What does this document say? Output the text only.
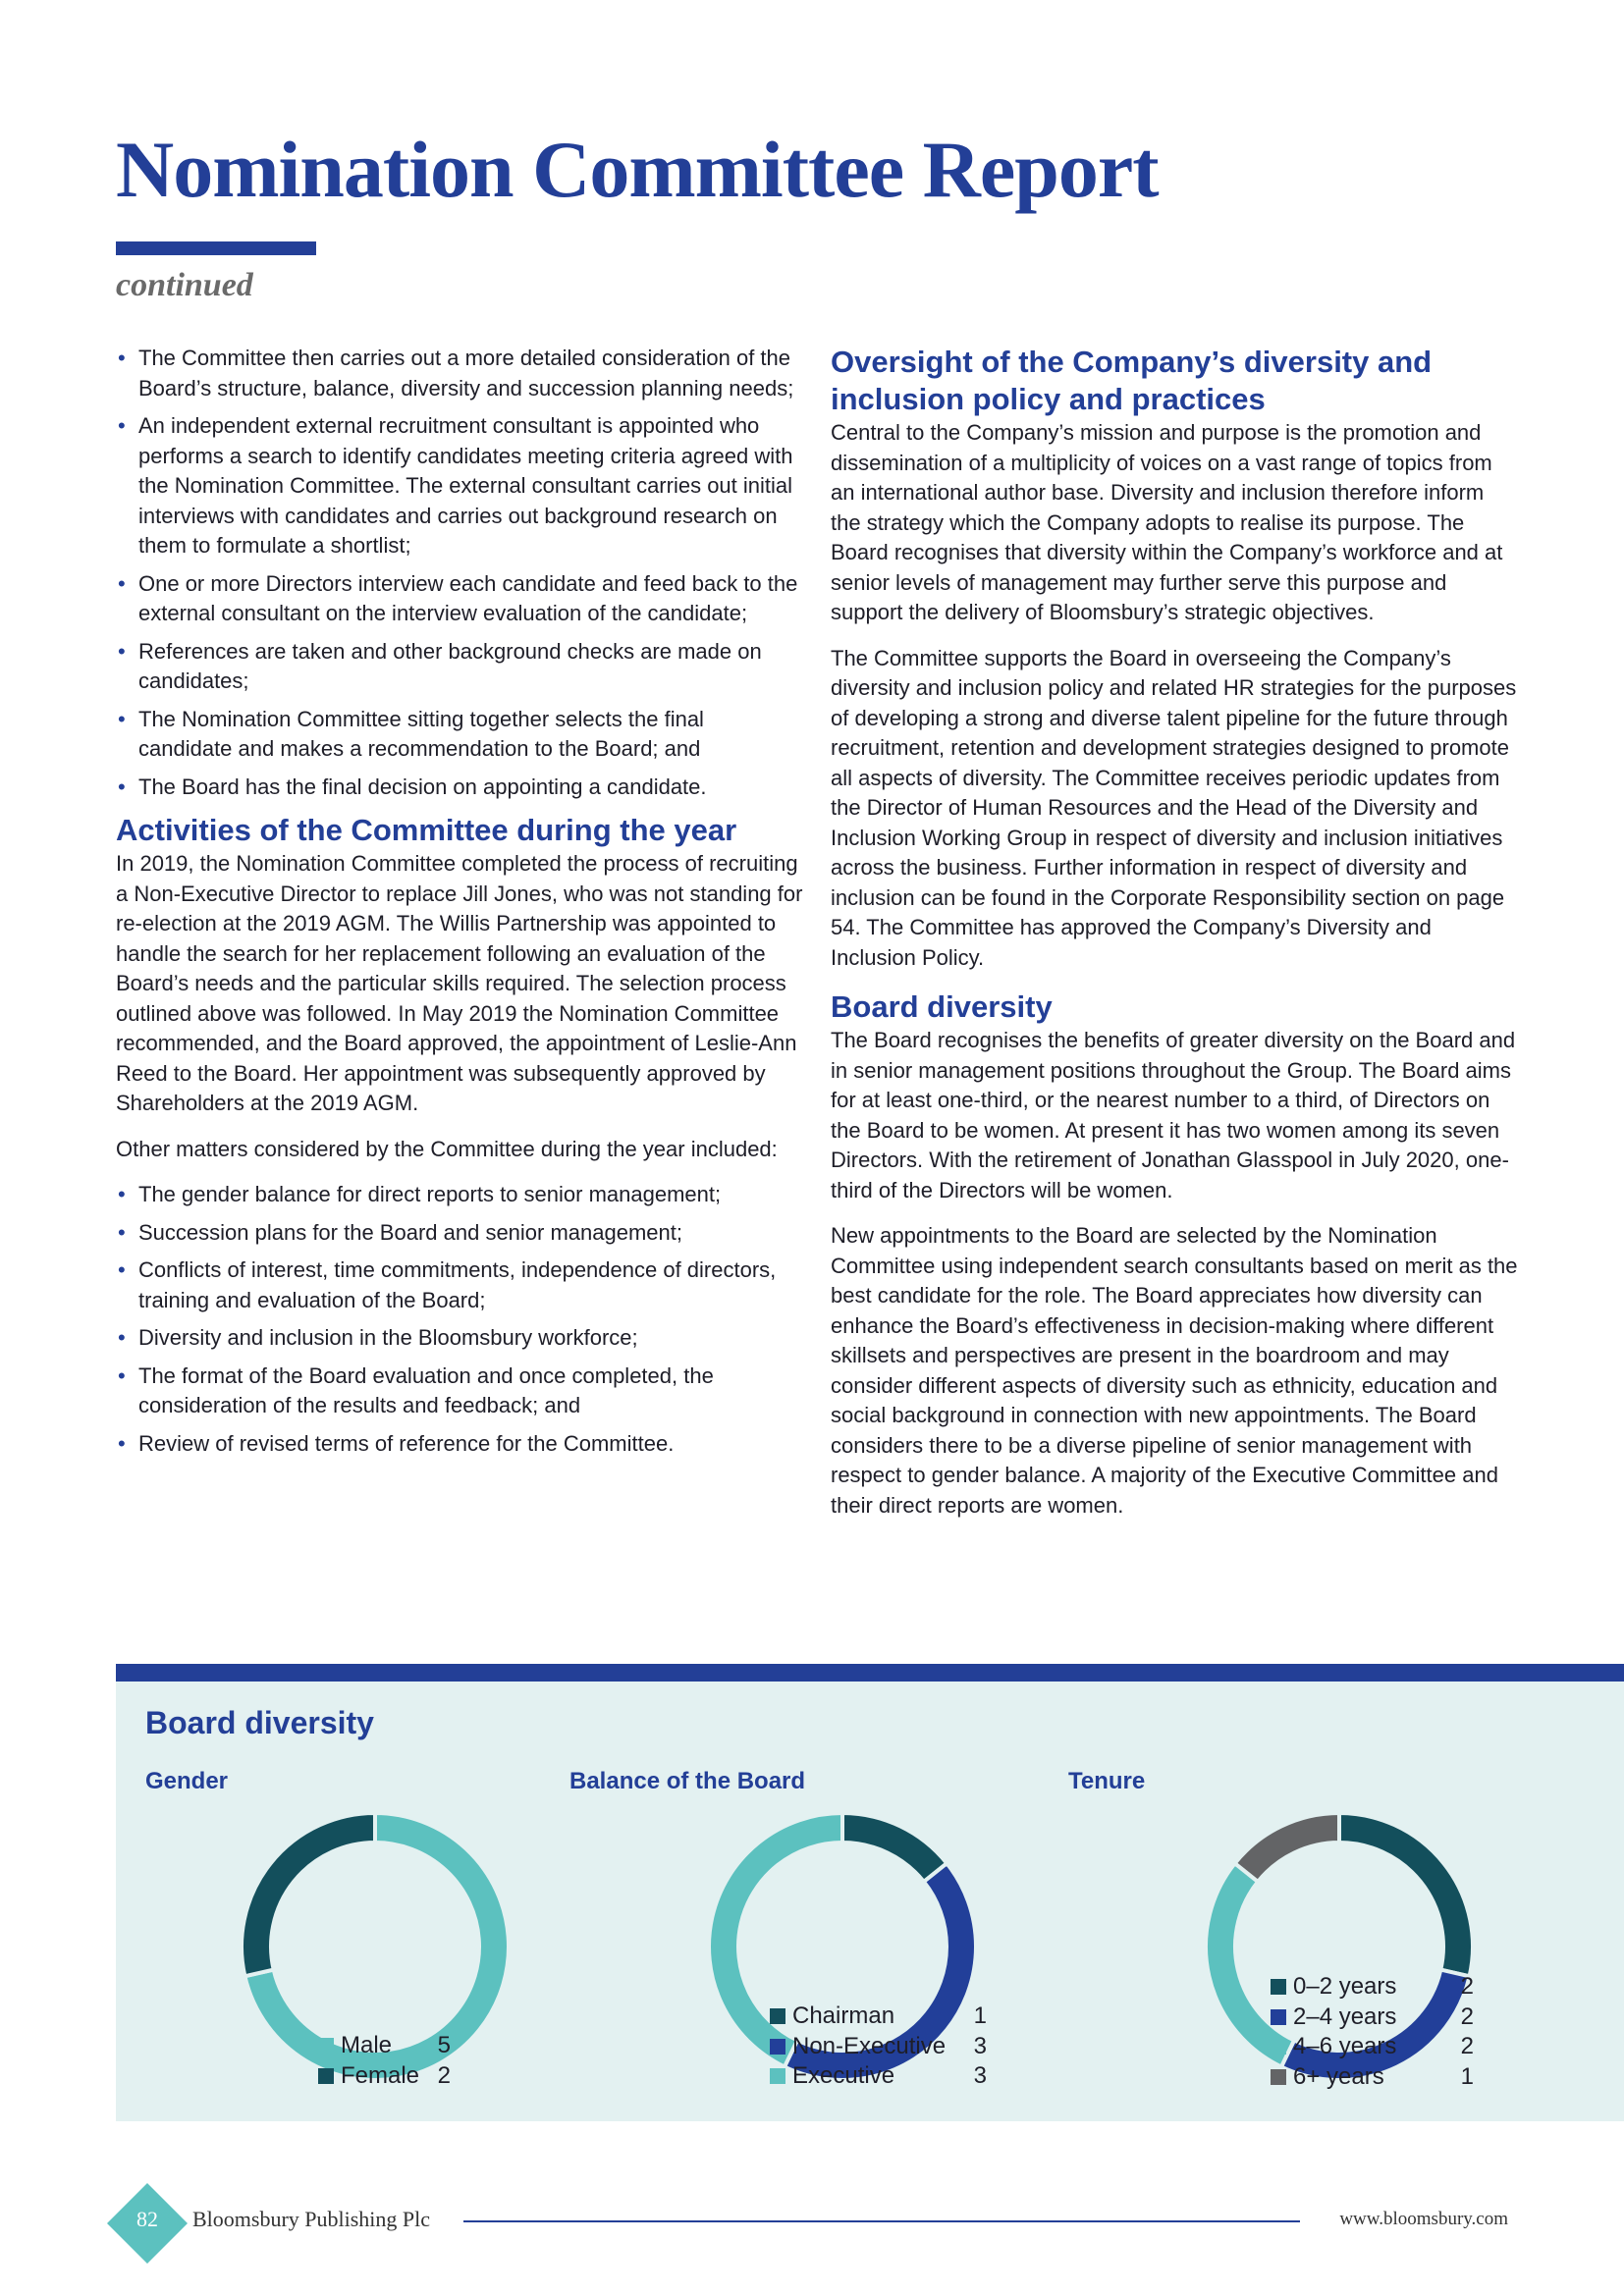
Nomination Committee Report

continued

• The Committee then carries out a more detailed consideration of the Board’s structure, balance, diversity and succession planning needs;
• An independent external recruitment consultant is appointed who performs a search to identify candidates meeting criteria agreed with the Nomination Committee. The external consultant carries out initial interviews with candidates and carries out background research on them to formulate a shortlist;
• One or more Directors interview each candidate and feed back to the external consultant on the interview evaluation of the candidate;
• References are taken and other background checks are made on candidates;
• The Nomination Committee sitting together selects the final candidate and makes a recommendation to the Board; and
• The Board has the final decision on appointing a candidate.
Activities of the Committee during the year

In 2019, the Nomination Committee completed the process of recruiting a Non-Executive Director to replace Jill Jones, who was not standing for re-election at the 2019 AGM. The Willis Partnership was appointed to handle the search for her replacement following an evaluation of the Board’s needs and the particular skills required. The selection process outlined above was followed. In May 2019 the Nomination Committee recommended, and the Board approved, the appointment of Leslie-Ann Reed to the Board. Her appointment was subsequently approved by Shareholders at the 2019 AGM.

Other matters considered by the Committee during the year included:

• The gender balance for direct reports to senior management;
• Succession plans for the Board and senior management;
• Conflicts of interest, time commitments, independence of directors, training and evaluation of the Board;
• Diversity and inclusion in the Bloomsbury workforce;
• The format of the Board evaluation and once completed, the consideration of the results and feedback; and
• Review of revised terms of reference for the Committee.
Oversight of the Company’s diversity and inclusion policy and practices

Central to the Company’s mission and purpose is the promotion and dissemination of a multiplicity of voices on a vast range of topics from an international author base. Diversity and inclusion therefore inform the strategy which the Company adopts to realise its purpose. The Board recognises that diversity within the Company’s workforce and at senior levels of management may further serve this purpose and support the delivery of Bloomsbury’s strategic objectives.

The Committee supports the Board in overseeing the Company’s diversity and inclusion policy and related HR strategies for the purposes of developing a strong and diverse talent pipeline for the future through recruitment, retention and development strategies designed to promote all aspects of diversity. The Committee receives periodic updates from the Director of Human Resources and the Head of the Diversity and Inclusion Working Group in respect of diversity and inclusion initiatives across the business. Further information in respect of diversity and inclusion can be found in the Corporate Responsibility section on page 54. The Committee has approved the Company’s Diversity and Inclusion Policy.

Board diversity

The Board recognises the benefits of greater diversity on the Board and in senior management positions throughout the Group. The Board aims for at least one-third, or the nearest number to a third, of Directors on the Board to be women. At present it has two women among its seven Directors. With the retirement of Jonathan Glasspool in July 2020, one-third of the Directors will be women.

New appointments to the Board are selected by the Nomination Committee using independent search consultants based on merit as the best candidate for the role. The Board appreciates how diversity can enhance the Board’s effectiveness in decision-making where different skillsets and perspectives are present in the boardroom and may consider different aspects of diversity such as ethnicity, education and social background in connection with new appointments. The Board considers there to be a diverse pipeline of senior management with respect to gender balance. A majority of the Executive Committee and their direct reports are women.

Board diversity
Gender
Male	5
Female 2
Balance of the Board
Chairman	1
Non-Executive	3
Executive	3
Tenure
0–2 years	2
2–4 years	2
4–6 years	2
6+ years	1
82	Bloomsbury Publishing Plc	www.bloomsbury.com
